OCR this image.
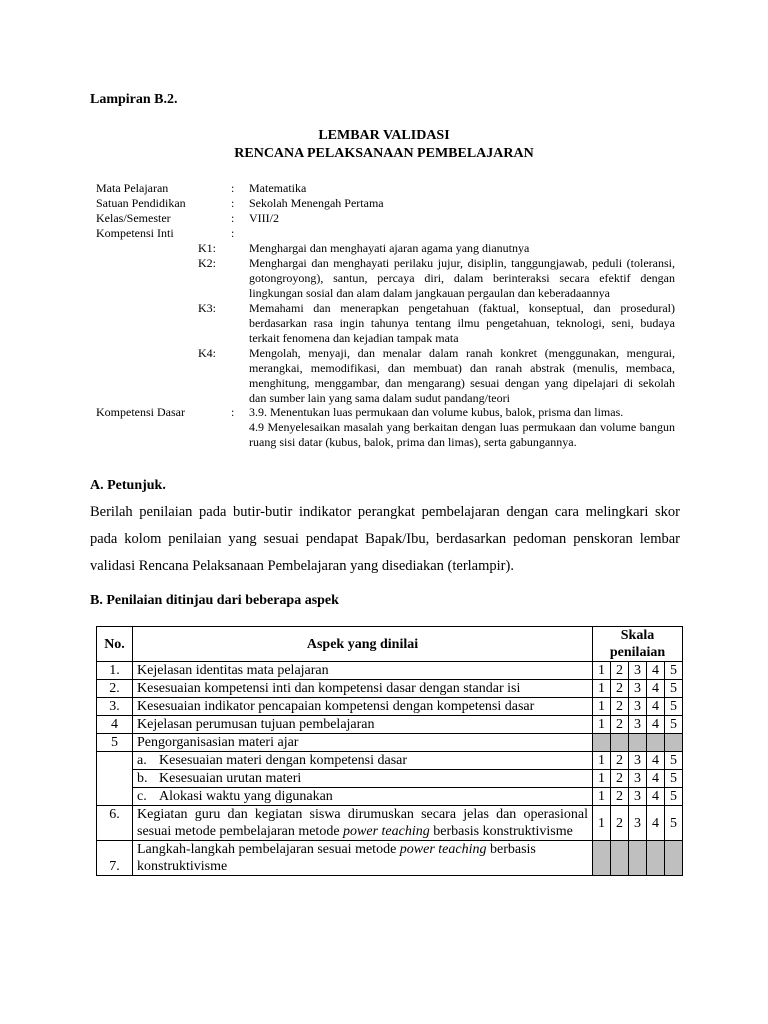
Lampiran B.2.
LEMBAR VALIDASI
RENCANA PELAKSANAAN PEMBELAJARAN
Mata Pelajaran	: Matematika
Satuan Pendidikan	: Sekolah Menengah Pertama
Kelas/Semester	: VIII/2
Kompetensi Inti	:
K1:	Menghargai dan menghayati ajaran agama yang dianutnya
K2:	Menghargai dan menghayati perilaku jujur, disiplin, tanggungjawab, peduli (toleransi, gotongroyong), santun, percaya diri, dalam berinteraksi secara efektif dengan lingkungan sosial dan alam dalam jangkauan pergaulan dan keberadaannya
K3:	Memahami dan menerapkan pengetahuan (faktual, konseptual, dan prosedural) berdasarkan rasa ingin tahunya tentang ilmu pengetahuan, teknologi, seni, budaya terkait fenomena dan kejadian tampak mata
K4:	Mengolah, menyaji, dan menalar dalam ranah konkret (menggunakan, mengurai, merangkai, memodifikasi, dan membuat) dan ranah abstrak (menulis, membaca, menghitung, menggambar, dan mengarang) sesuai dengan yang dipelajari di sekolah dan sumber lain yang sama dalam sudut pandang/teori
Kompetensi Dasar	: 3.9. Menentukan luas permukaan dan volume kubus, balok, prisma dan limas.
4.9 Menyelesaikan masalah yang berkaitan dengan luas permukaan dan volume bangun ruang sisi datar (kubus, balok, prima dan limas), serta gabungannya.
A. Petunjuk.
Berilah penilaian pada butir-butir indikator perangkat pembelajaran dengan cara melingkari skor pada kolom penilaian yang sesuai pendapat Bapak/Ibu, berdasarkan pedoman penskoran lembar validasi Rencana Pelaksanaan Pembelajaran yang disediakan (terlampir).
B. Penilaian ditinjau dari beberapa aspek
No.	Aspek yang dinilai	Skala penilaian				
1.	Kejelasan identitas mata pelajaran	1	2	3	4	5
2.	Kesesuaian kompetensi inti dan kompetensi dasar dengan standar isi	1	2	3	4	5
3.	Kesesuaian indikator pencapaian kompetensi dengan kompetensi dasar	1	2	3	4	5
4	Kejelasan perumusan tujuan pembelajaran	1	2	3	4	5
5	Pengorganisasian materi ajar					
	a. Kesesuaian materi dengan kompetensi dasar	1	2	3	4	5
	b. Kesesuaian urutan materi	1	2	3	4	5
	c. Alokasi waktu yang digunakan	1	2	3	4	5
6.	Kegiatan guru dan kegiatan siswa dirumuskan secara jelas dan operasional sesuai metode pembelajaran metode power teaching berbasis konstruktivisme	1	2	3	4	5
7.	Langkah-langkah pembelajaran sesuai metode power teaching berbasis konstruktivisme					
